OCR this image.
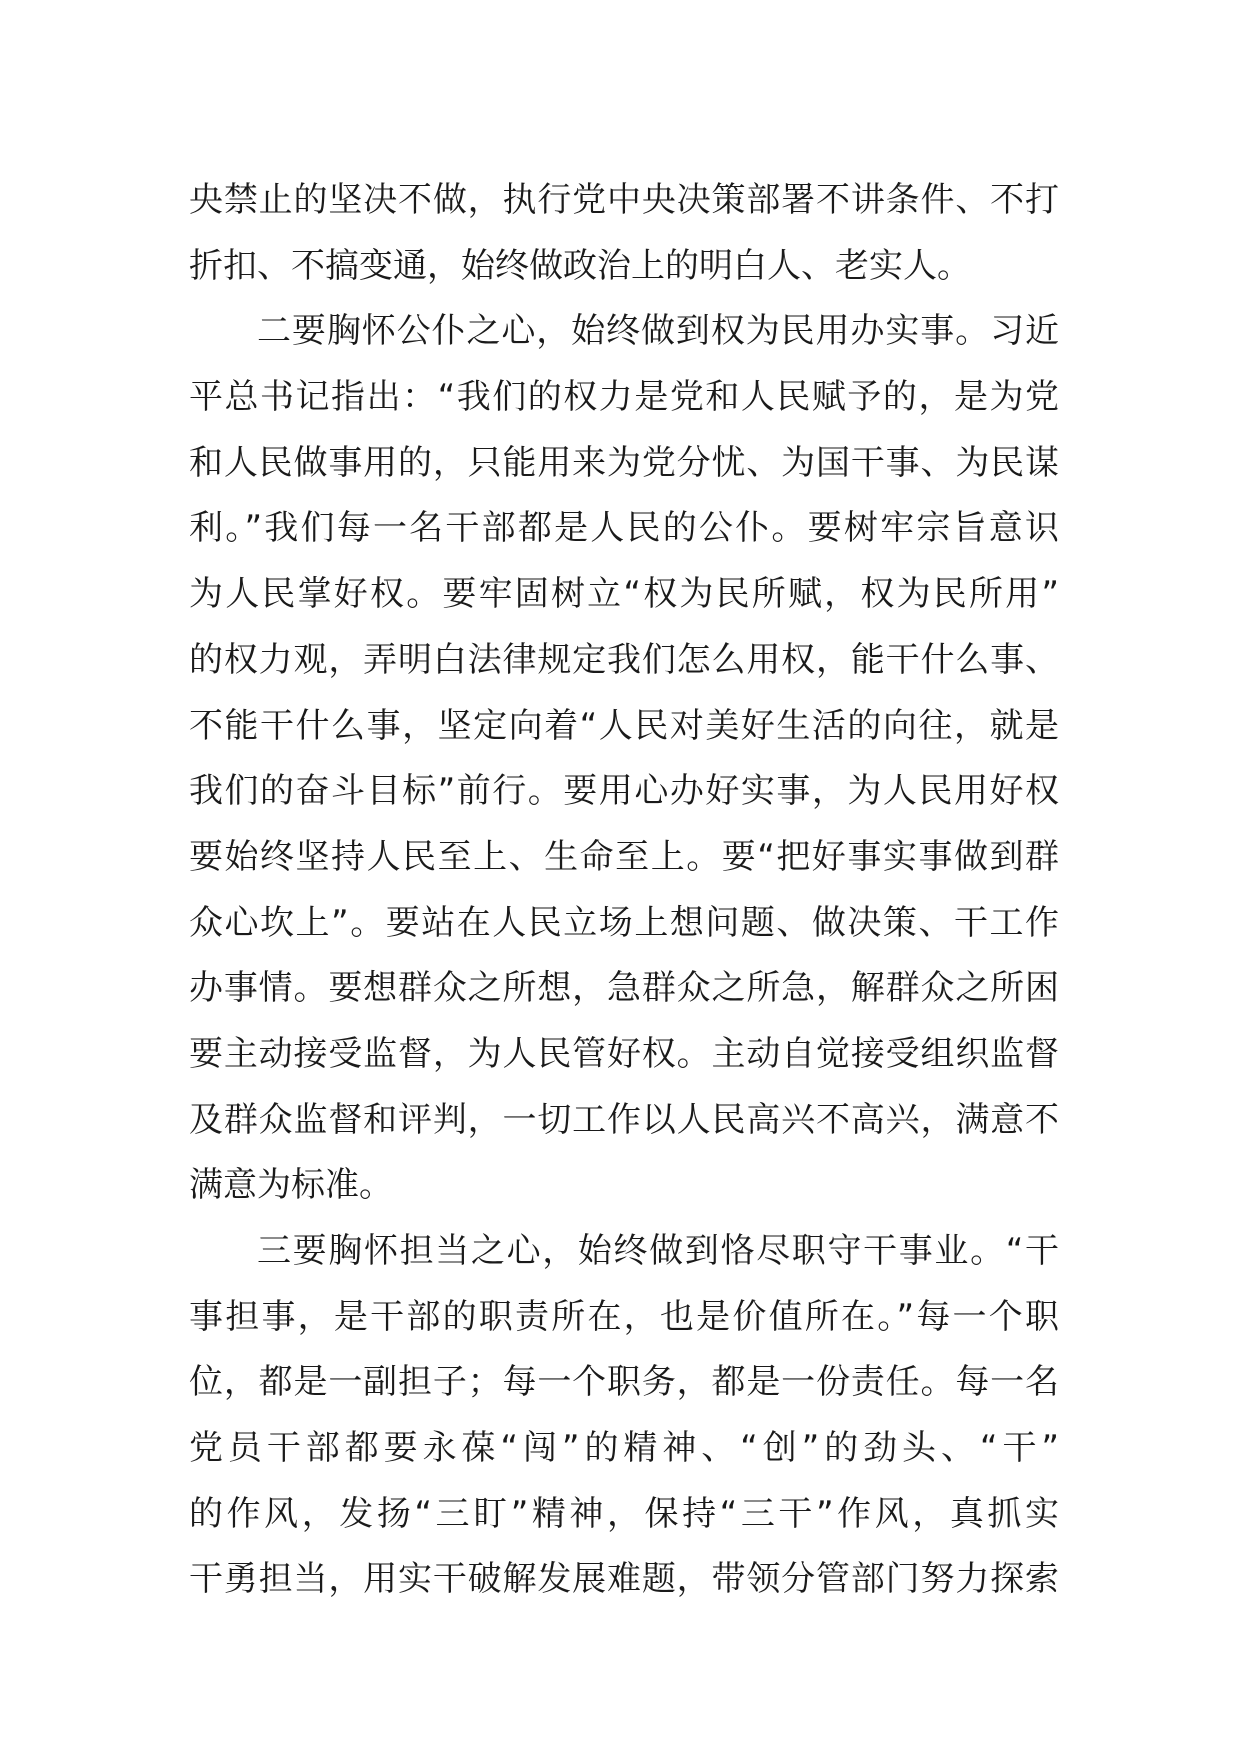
央禁止的坚决不做，执行党中央决策部署不讲条件、不打
折扣、不搞变通，始终做政治上的明白人、老实人。
二要胸怀公仆之心，始终做到权为民用办实事。习近
平总书记指出：“我们的权力是党和人民赋予的，是为党
和人民做事用的，只能用来为党分忧、为国干事、为民谋
利。”我们每一名干部都是人民的公仆。要树牢宗旨意识
为人民掌好权。要牢固树立“权为民所赋，权为民所用”
的权力观，弄明白法律规定我们怎么用权，能干什么事、
不能干什么事，坚定向着“人民对美好生活的向往，就是
我们的奋斗目标”前行。要用心办好实事，为人民用好权
要始终坚持人民至上、生命至上。要“把好事实事做到群
众心坎上”。要站在人民立场上想问题、做决策、干工作
办事情。要想群众之所想，急群众之所急，解群众之所困
要主动接受监督，为人民管好权。主动自觉接受组织监督
及群众监督和评判，一切工作以人民高兴不高兴，满意不
满意为标准。
三要胸怀担当之心，始终做到恪尽职守干事业。“干
事担事，是干部的职责所在，也是价值所在。”每一个职
位，都是一副担子；每一个职务，都是一份责任。每一名
党员干部都要永葆“闯”的精神、“创”的劲头、“干”
的作风，发扬“三盯”精神，保持“三干”作风，真抓实
干勇担当，用实干破解发展难题，带领分管部门努力探索
